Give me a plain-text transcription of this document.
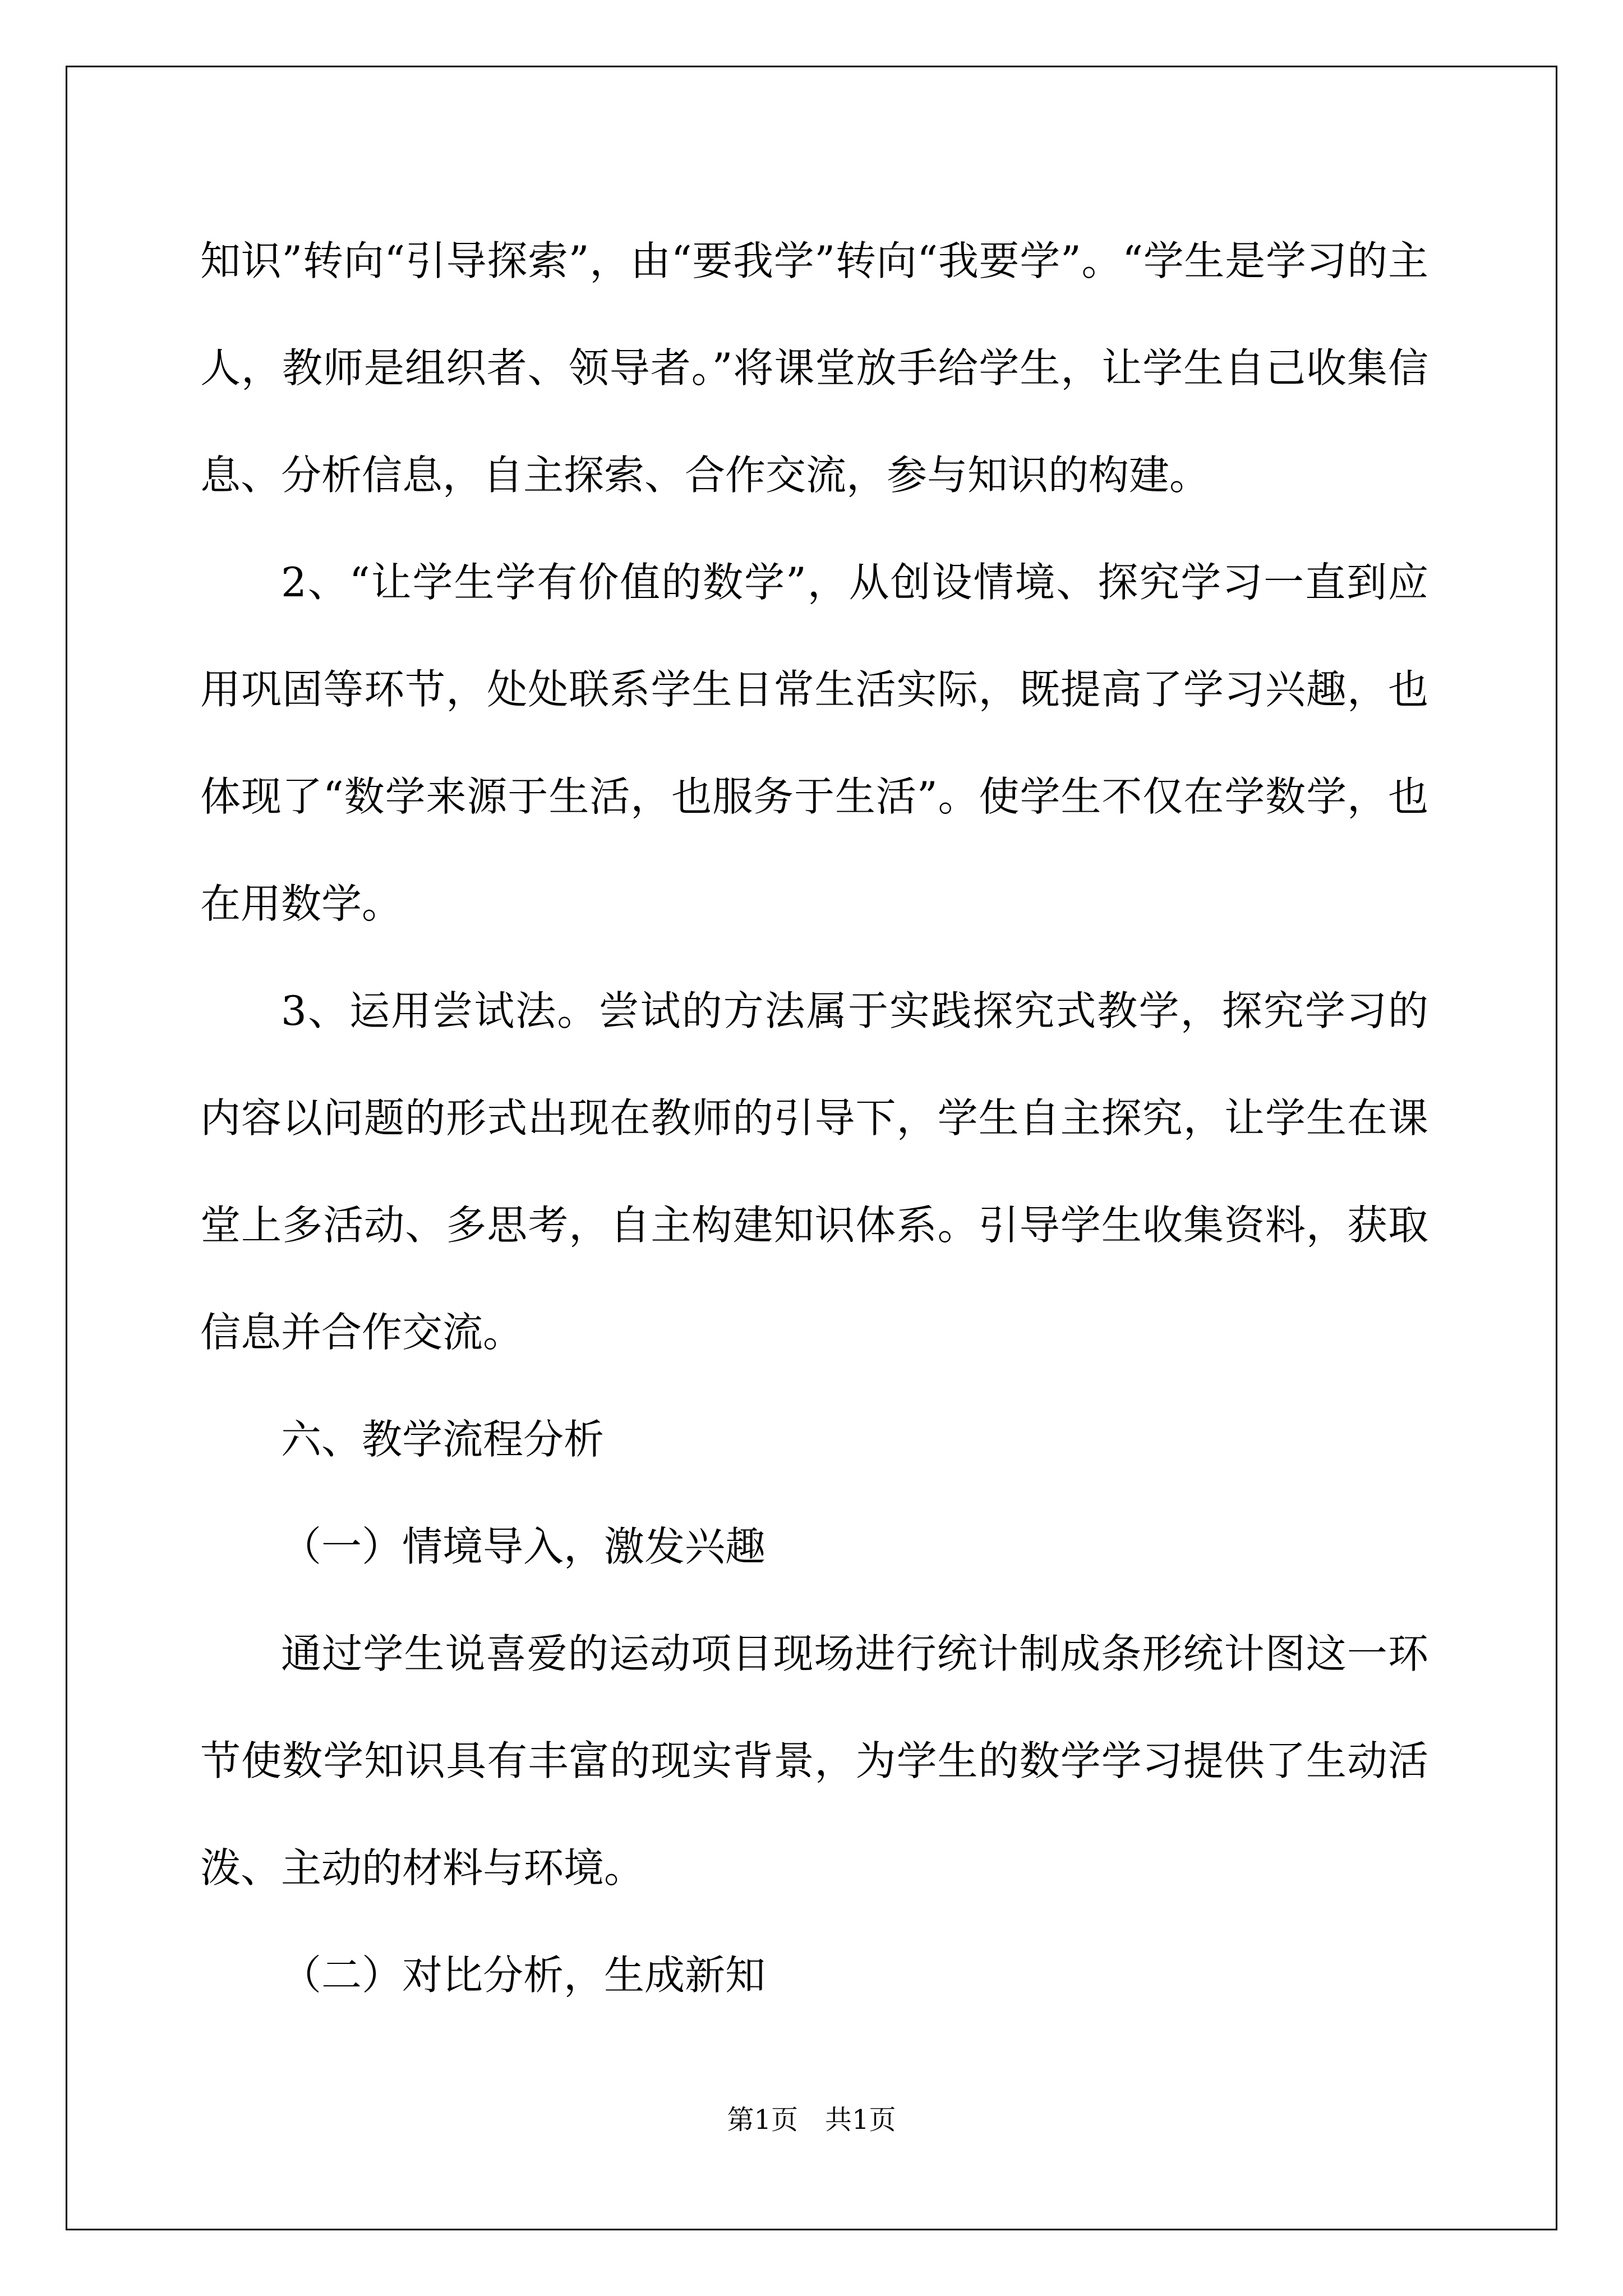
知识”转向“引导探索”，由“要我学”转向“我要学”。“学生是学习的主人，教师是组织者、领导者。”将课堂放手给学生，让学生自己收集信息、分析信息，自主探索、合作交流，参与知识的构建。

2、“让学生学有价值的数学”，从创设情境、探究学习一直到应用巩固等环节，处处联系学生日常生活实际，既提高了学习兴趣，也体现了“数学来源于生活，也服务于生活”。使学生不仅在学数学，也在用数学。

3、运用尝试法。尝试的方法属于实践探究式教学，探究学习的内容以问题的形式出现在教师的引导下，学生自主探究，让学生在课堂上多活动、多思考，自主构建知识体系。引导学生收集资料，获取信息并合作交流。

六、教学流程分析

（一）情境导入，激发兴趣

通过学生说喜爱的运动项目现场进行统计制成条形统计图这一环节使数学知识具有丰富的现实背景，为学生的数学学习提供了生动活泼、主动的材料与环境。

（二）对比分析，生成新知

第1页　共1页
